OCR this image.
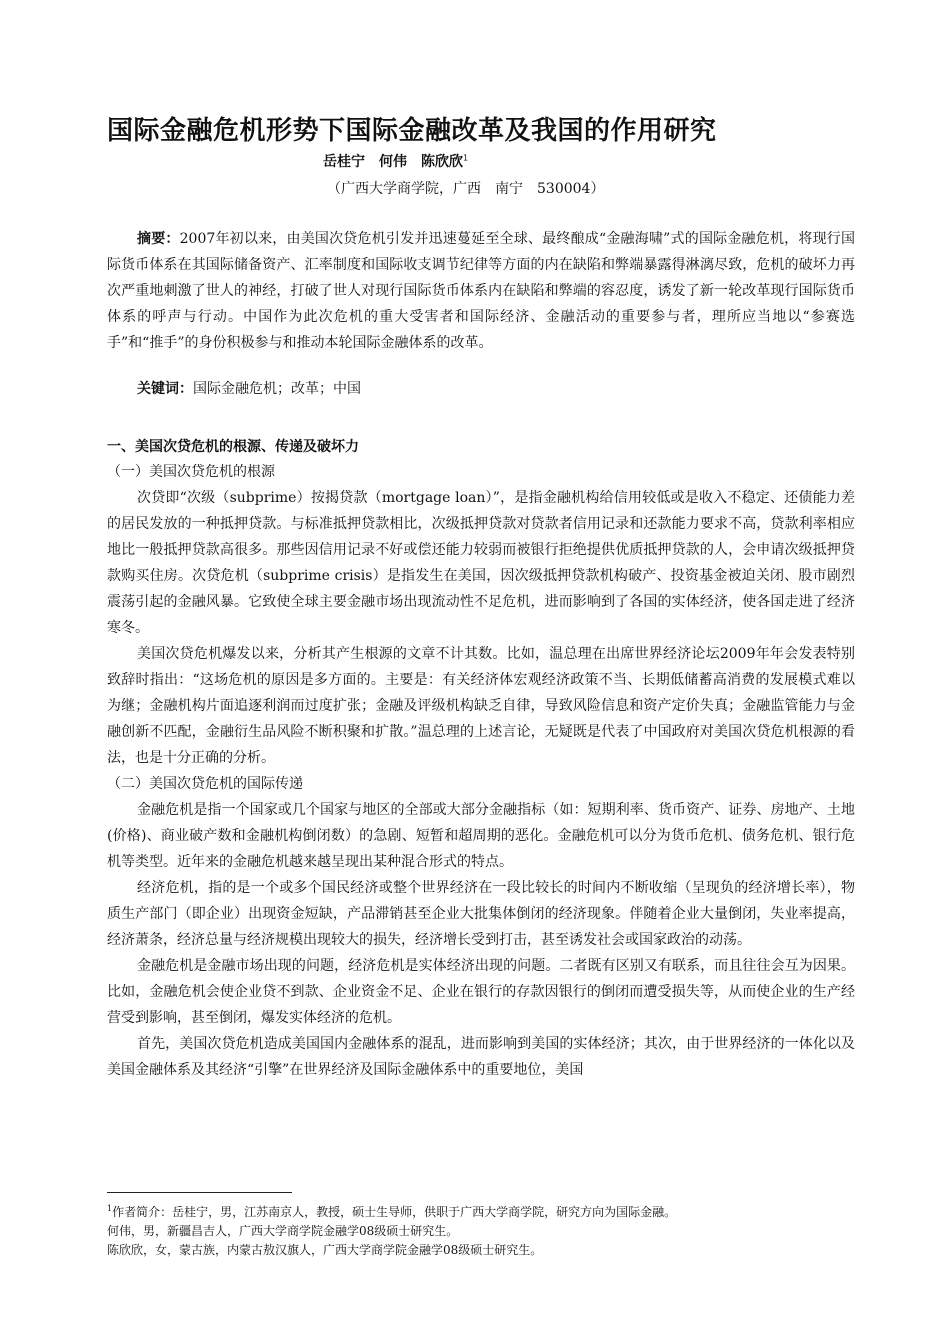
国际金融危机形势下国际金融改革及我国的作用研究
岳桂宁　何伟　陈欣欣$^1$
（广西大学商学院，广西　南宁　530004）
摘要：2007年初以来，由美国次贷危机引发并迅速蔓延至全球、最终酿成“金融海啸”式的国际金融危机，将现行国际货币体系在其国际储备资产、汇率制度和国际收支调节纪律等方面的内在缺陷和弊端暴露得淋漓尽致，危机的破坏力再次严重地刺激了世人的神经，打破了世人对现行国际货币体系内在缺陷和弊端的容忍度，诱发了新一轮改革现行国际货币体系的呼声与行动。中国作为此次危机的重大受害者和国际经济、金融活动的重要参与者，理所应当地以“参赛选手”和“推手”的身份积极参与和推动本轮国际金融体系的改革。
关键词：国际金融危机；改革；中国
一、美国次贷危机的根源、传递及破坏力
（一）美国次贷危机的根源

次贷即“次级（subprime）按揭贷款（mortgage loan）”，是指金融机构给信用较低或是收入不稳定、还债能力差的居民发放的一种抵押贷款。与标准抵押贷款相比，次级抵押贷款对贷款者信用记录和还款能力要求不高，贷款利率相应地比一般抵押贷款高很多。那些因信用记录不好或偿还能力较弱而被银行拒绝提供优质抵押贷款的人，会申请次级抵押贷款购买住房。次贷危机（subprime crisis）是指发生在美国，因次级抵押贷款机构破产、投资基金被迫关闭、股市剧烈震荡引起的金融风暴。它致使全球主要金融市场出现流动性不足危机，进而影响到了各国的实体经济，使各国走进了经济寒冬。

美国次贷危机爆发以来，分析其产生根源的文章不计其数。比如，温总理在出席世界经济论坛2009年年会发表特别致辞时指出：“这场危机的原因是多方面的。主要是：有关经济体宏观经济政策不当、长期低储蓄高消费的发展模式难以为继；金融机构片面追逐利润而过度扩张；金融及评级机构缺乏自律，导致风险信息和资产定价失真；金融监管能力与金融创新不匹配，金融衍生品风险不断积聚和扩散。”温总理的上述言论，无疑既是代表了中国政府对美国次贷危机根源的看法，也是十分正确的分析。

（二）美国次贷危机的国际传递

金融危机是指一个国家或几个国家与地区的全部或大部分金融指标（如：短期利率、货币资产、证券、房地产、土地(价格)、商业破产数和金融机构倒闭数）的急剧、短暂和超周期的恶化。金融危机可以分为货币危机、债务危机、银行危机等类型。近年来的金融危机越来越呈现出某种混合形式的特点。

经济危机，指的是一个或多个国民经济或整个世界经济在一段比较长的时间内不断收缩（呈现负的经济增长率），物质生产部门（即企业）出现资金短缺，产品滞销甚至企业大批集体倒闭的经济现象。伴随着企业大量倒闭，失业率提高，经济萧条，经济总量与经济规模出现较大的损失，经济增长受到打击，甚至诱发社会或国家政治的动荡。

金融危机是金融市场出现的问题，经济危机是实体经济出现的问题。二者既有区别又有联系，而且往往会互为因果。比如，金融危机会使企业贷不到款、企业资金不足、企业在银行的存款因银行的倒闭而遭受损失等，从而使企业的生产经营受到影响，甚至倒闭，爆发实体经济的危机。

首先，美国次贷危机造成美国国内金融体系的混乱，进而影响到美国的实体经济；其次，由于世界经济的一体化以及美国金融体系及其经济“引擎”在世界经济及国际金融体系中的重要地位，美国

$^1$作者简介：岳桂宁，男，江苏南京人，教授，硕士生导师，供职于广西大学商学院，研究方向为国际金融。
何伟，男，新疆昌吉人，广西大学商学院金融学08级硕士研究生。
陈欣欣，女，蒙古族，内蒙古敖汉旗人，广西大学商学院金融学08级硕士研究生。
